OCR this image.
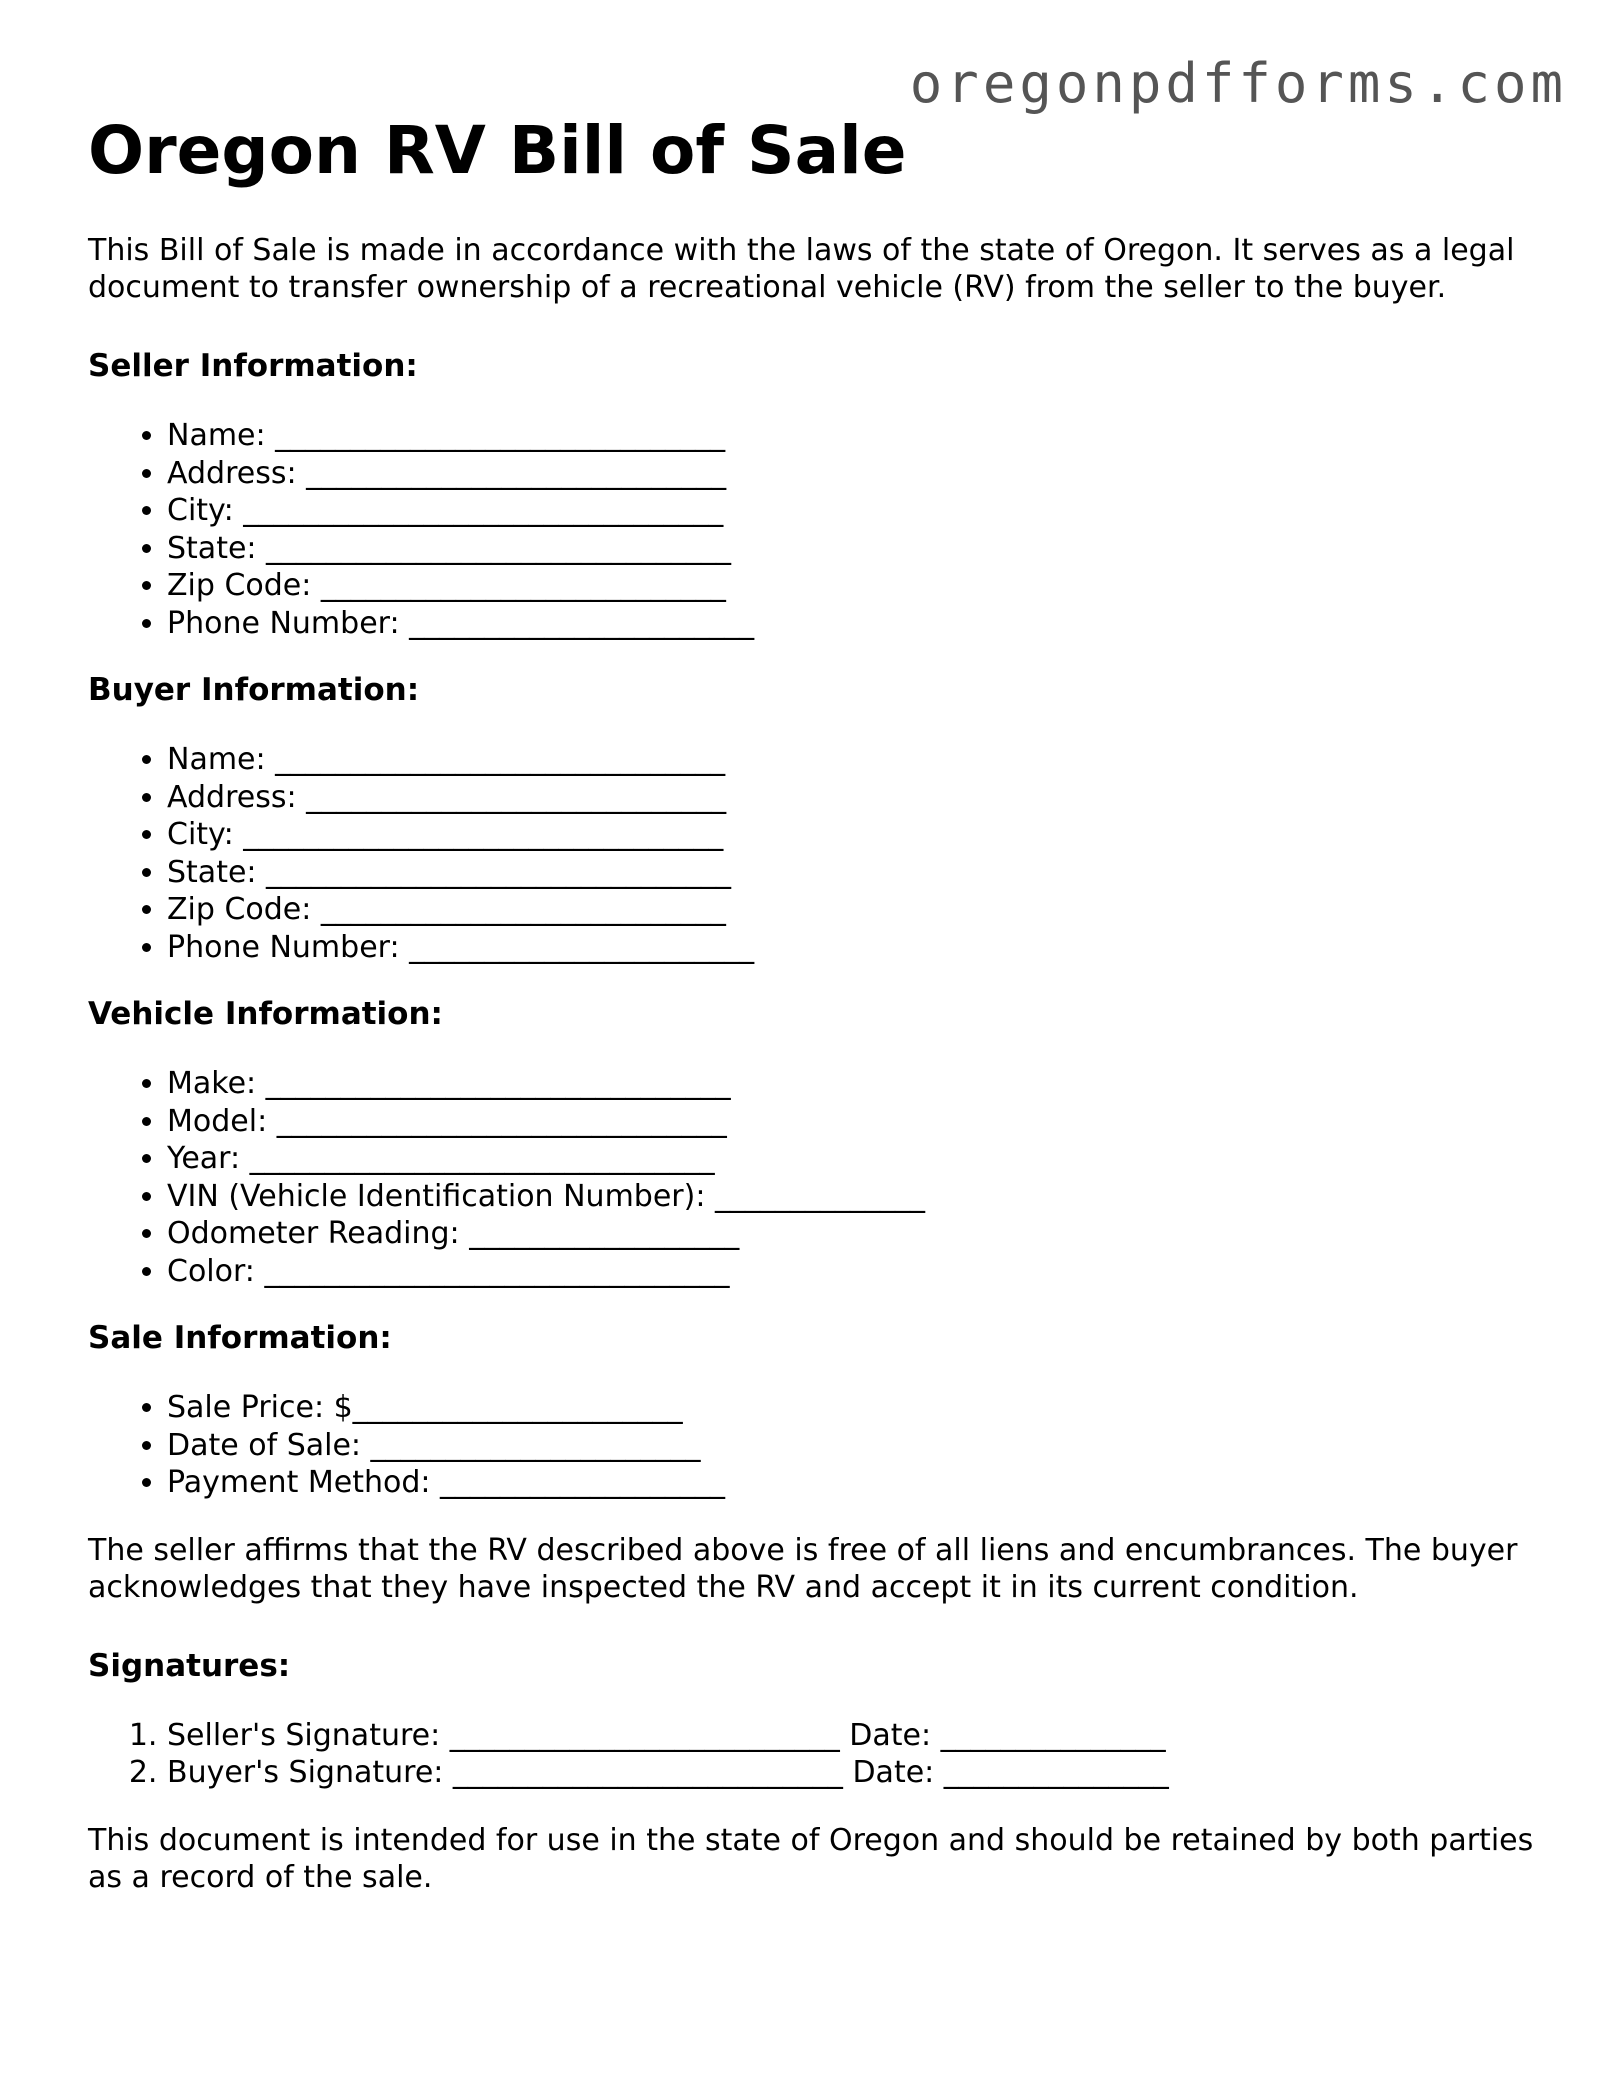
oregonpdfforms.com
Oregon RV Bill of Sale

This Bill of Sale is made in accordance with the laws of the state of Oregon. It serves as a legal document to transfer ownership of a recreational vehicle (RV) from the seller to the buyer.

Seller Information:
• Name: ______________________________
• Address: ____________________________
• City: ________________________________
• State: _______________________________
• Zip Code: ___________________________
• Phone Number: _______________________
Buyer Information:
• Name: ______________________________
• Address: ____________________________
• City: ________________________________
• State: _______________________________
• Zip Code: ___________________________
• Phone Number: _______________________
Vehicle Information:
• Make: _______________________________
• Model: ______________________________
• Year: _______________________________
• VIN (Vehicle Identification Number): ______________
• Odometer Reading: __________________
• Color: _______________________________
Sale Information:
• Sale Price: $______________________
• Date of Sale: ______________________
• Payment Method: ___________________

The seller affirms that the RV described above is free of all liens and encumbrances. The buyer acknowledges that they have inspected the RV and accept it in its current condition.

Signatures:
1. Seller's Signature: __________________________ Date: _______________
2. Buyer's Signature: __________________________ Date: _______________

This document is intended for use in the state of Oregon and should be retained by both parties as a record of the sale.
